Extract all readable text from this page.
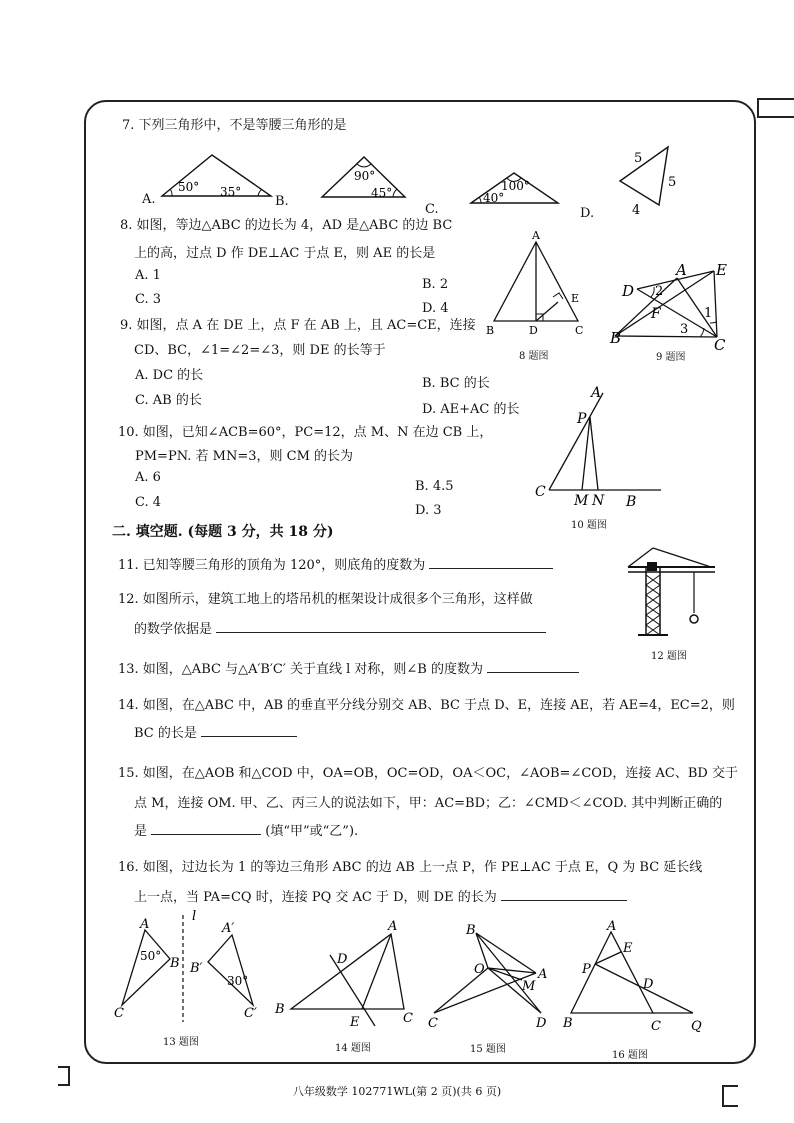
7. 下列三角形中，不是等腰三角形的是
A.	B.
C.	D.
50° 35°
90°
45°	100°
40°
5
5
4
8. 如图，等边△ABC 的边长为 4，AD 是△ABC 的边 BC
上的高，过点 D 作 DE⊥AC 于点 E，则 AE 的长是
A. 1
B. 2
C. 3
D. 4
A
B	C
D
E
8 题图
A E
D
F
B	C
1
2
3
9 题图
9. 如图，点 A 在 DE 上，点 F 在 AB 上，且 AC=CE，连接
CD、BC，∠1=∠2=∠3，则 DE 的长等于
A. DC 的长
B. BC 的长
C. AB 的长
D. AE+AC 的长
10. 如图，已知∠ACB=60°，PC=12，点 M、N 在边 CB 上，
PM=PN. 若 MN=3，则 CM 的长为
A. 6
B. 4.5
C. 4
D. 3
A
P
C
M N B
10 题图
二. 填空题. (每题 3 分，共 18 分)
11. 已知等腰三角形的顶角为 120°，则底角的度数为
12. 如图所示，建筑工地上的塔吊机的框架设计成很多个三角形，这样做
的数学依据是
12 题图
13. 如图，△ABC 与△A′B′C′ 关于直线 l 对称，则∠B 的度数为
14. 如图，在△ABC 中，AB 的垂直平分线分别交 AB、BC 于点 D、E，连接 AE，若 AE=4，EC=2，则
BC 的长是
15. 如图，在△AOB 和△COD 中，OA=OB，OC=OD，OA＜OC，∠AOB=∠COD，连接 AC、BD 交于
点 M，连接 OM. 甲、乙、丙三人的说法如下，甲：AC=BD；乙：∠CMD＜∠COD. 其中判断正确的
是	(填“甲”或“乙”).
16. 如图，过边长为 1 的等边三角形 ABC 的边 AB 上一点 P，作 PE⊥AC 于点 E，Q 为 BC 延长线
上一点，当 PA=CQ 时，连接 PQ 交 AC 于 D，则 DE 的长为
A
B
C
A′
B′
C′
l
50°
30°
13 题图
A
B
C
D
E
14 题图
B
O	A
M
C	D
15 题图
A
E
P
D
B	C Q
16 题图
八年级数学 102771WL(第 2 页)(共 6 页)
